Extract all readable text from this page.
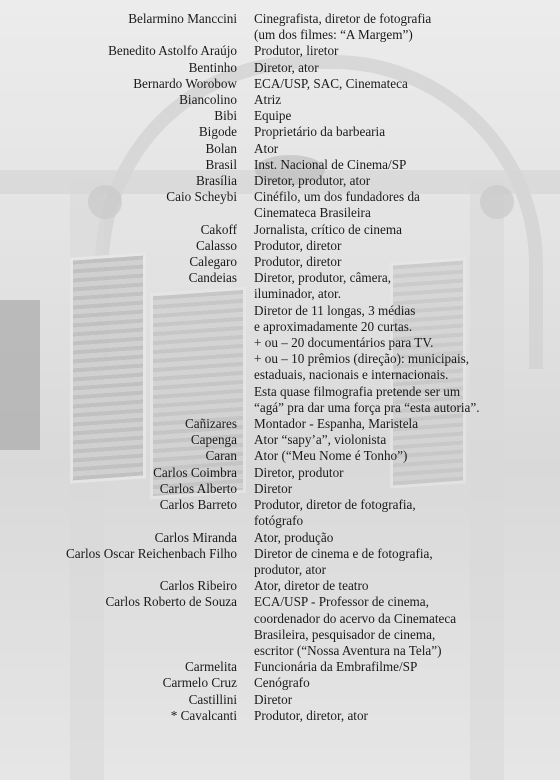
Belarmino Manccini	Cinegrafista, diretor de fotografia
(um dos filmes: “A Margem”)
Benedito Astolfo Araújo	Produtor, liretor
Bentinho	Diretor, ator
Bernardo Worobow	ECA/USP, SAC, Cinemateca
Biancolino	Atriz
Bibi	Equipe
Bigode	Proprietário da barbearia
Bolan	Ator
Brasil	Inst. Nacional de Cinema/SP
Brasília	Diretor, produtor, ator
Caio Scheybi	Cinéfilo, um dos fundadores da
Cinemateca Brasileira
Cakoff	Jornalista, crítico de cinema
Calasso	Produtor, diretor
Calegaro	Produtor, diretor
Candeias	Diretor, produtor, câmera,
iluminador, ator.
Diretor de 11 longas, 3 médias
e aproximadamente 20 curtas.
+ ou – 20 documentários para TV.
+ ou – 10 prêmios (direção): municipais,
estaduais, nacionais e internacionais.
Esta quase filmografia pretende ser um
“agá” pra dar uma força pra “esta autoria”.
Cañizares	Montador - Espanha, Maristela
Capenga	Ator “sapy’a”, violonista
Caran	Ator (“Meu Nome é Tonho”)
Carlos Coimbra	Diretor, produtor
Carlos Alberto	Diretor
Carlos Barreto	Produtor, diretor de fotografia,
fotógrafo
Carlos Miranda	Ator, produção
Carlos Oscar Reichenbach Filho	Diretor de cinema e de fotografia,
produtor, ator
Carlos Ribeiro	Ator, diretor de teatro
Carlos Roberto de Souza	ECA/USP - Professor de cinema,
coordenador do acervo da Cinemateca
Brasileira, pesquisador de cinema,
escritor (“Nossa Aventura na Tela”)
Carmelita	Funcionária da Embrafilme/SP
Carmelo Cruz	Cenógrafo
Castillini	Diretor
* Cavalcanti	Produtor, diretor, ator
